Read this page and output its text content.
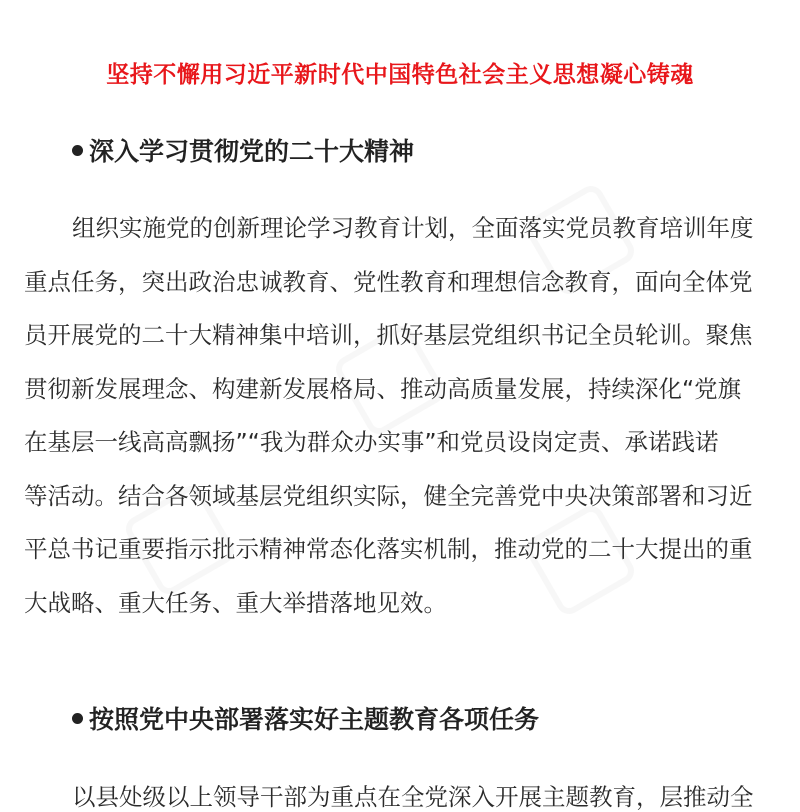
坚持不懈用习近平新时代中国特色社会主义思想凝心铸魂
深入学习贯彻党的二十大精神
组织实施党的创新理论学习教育计划，全面落实党员教育培训年度
重点任务，突出政治忠诚教育、党性教育和理想信念教育，面向全体党
员开展党的二十大精神集中培训，抓好基层党组织书记全员轮训。聚焦
贯彻新发展理念、构建新发展格局、推动高质量发展，持续深化“党旗
在基层一线高高飘扬”“我为群众办实事”和党员设岗定责、承诺践诺
等活动。结合各领域基层党组织实际，健全完善党中央决策部署和习近
平总书记重要指示批示精神常态化落实机制，推动党的二十大提出的重
大战略、重大任务、重大举措落地见效。
按照党中央部署落实好主题教育各项任务
以县处级以上领导干部为重点在全党深入开展主题教育，层推动全
